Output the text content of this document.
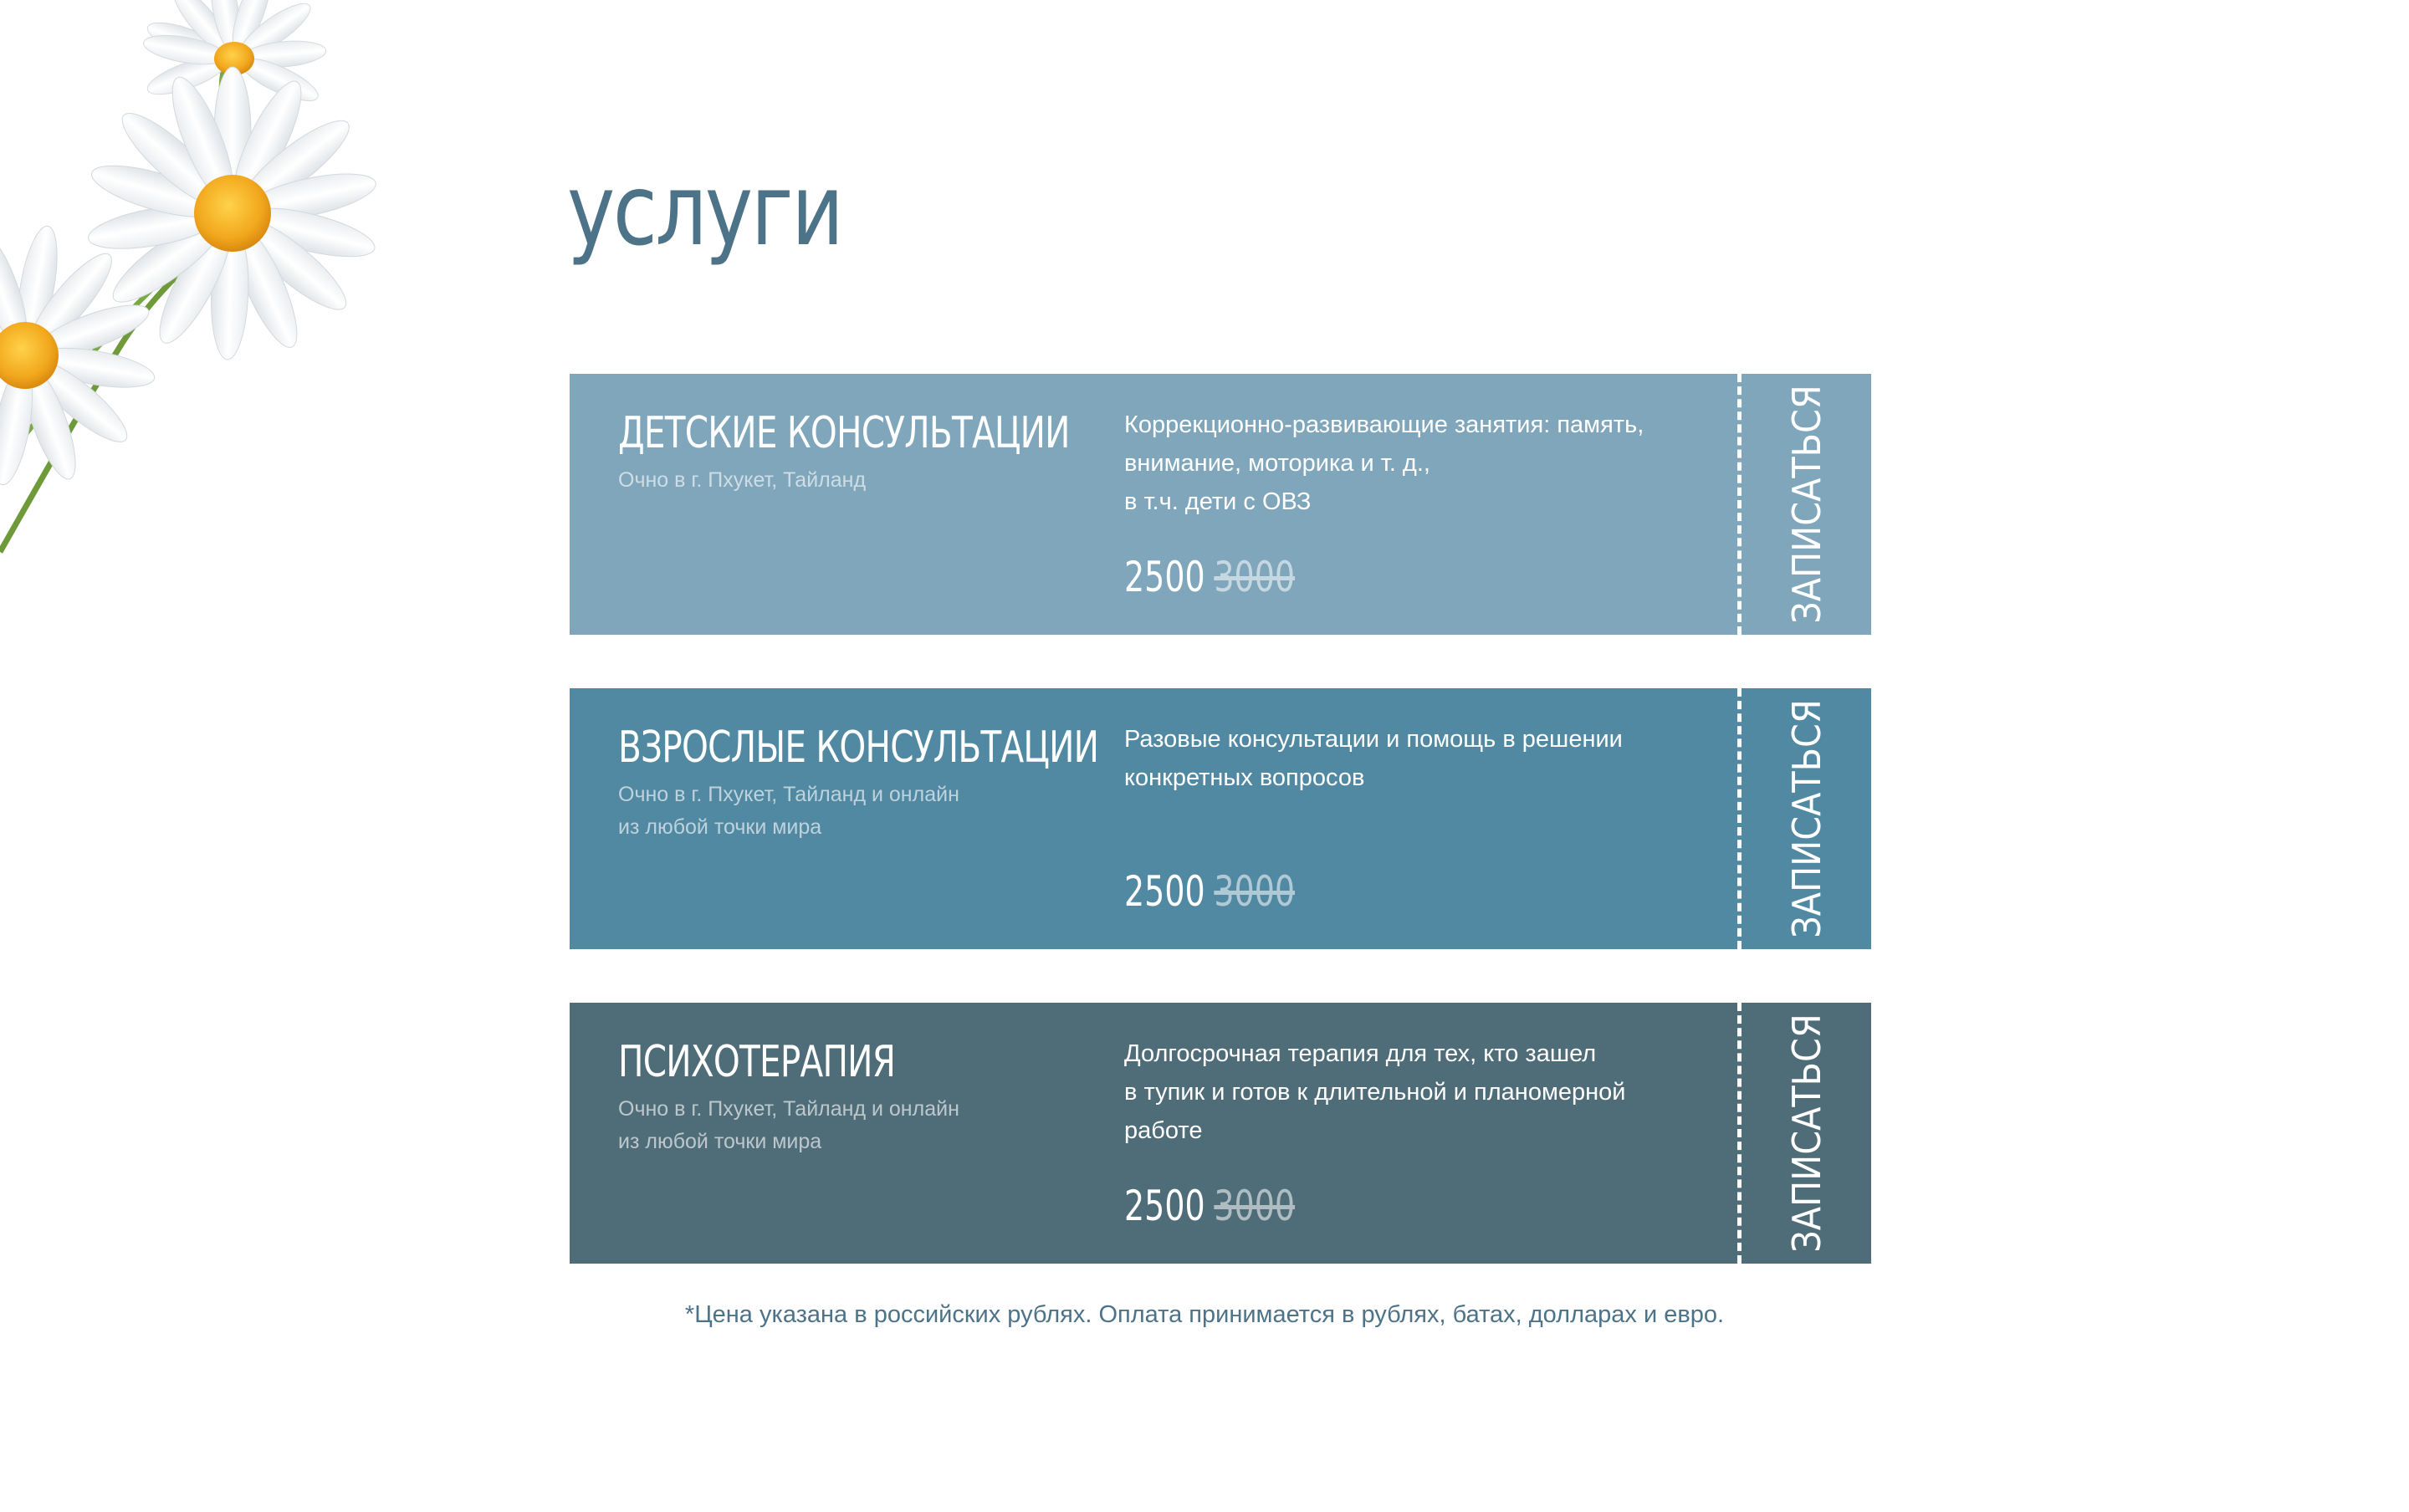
услуги
ДЕТСКИЕ КОНСУЛЬТАЦИИ

Очно в г. Пхукет, Тайланд

Коррекционно-развивающие занятия: память,
внимание, моторика и т. д.,
в т.ч. дети с ОВЗ

2500 3000	ЗАПИСАТЬСЯ
ВЗРОСЛЫЕ КОНСУЛЬТАЦИИ

Очно в г. Пхукет, Тайланд и онлайн
из любой точки мира

Разовые консультации и помощь в решении
конкретных вопросов

2500 3000	ЗАПИСАТЬСЯ
ПСИХОТЕРАПИЯ

Очно в г. Пхукет, Тайланд и онлайн
из любой точки мира

Долгосрочная терапия для тех, кто зашел
в тупик и готов к длительной и планомерной
работе

2500 3000	ЗАПИСАТЬСЯ

*Цена указана в российских рублях. Оплата принимается в рублях, батах, долларах и евро.
